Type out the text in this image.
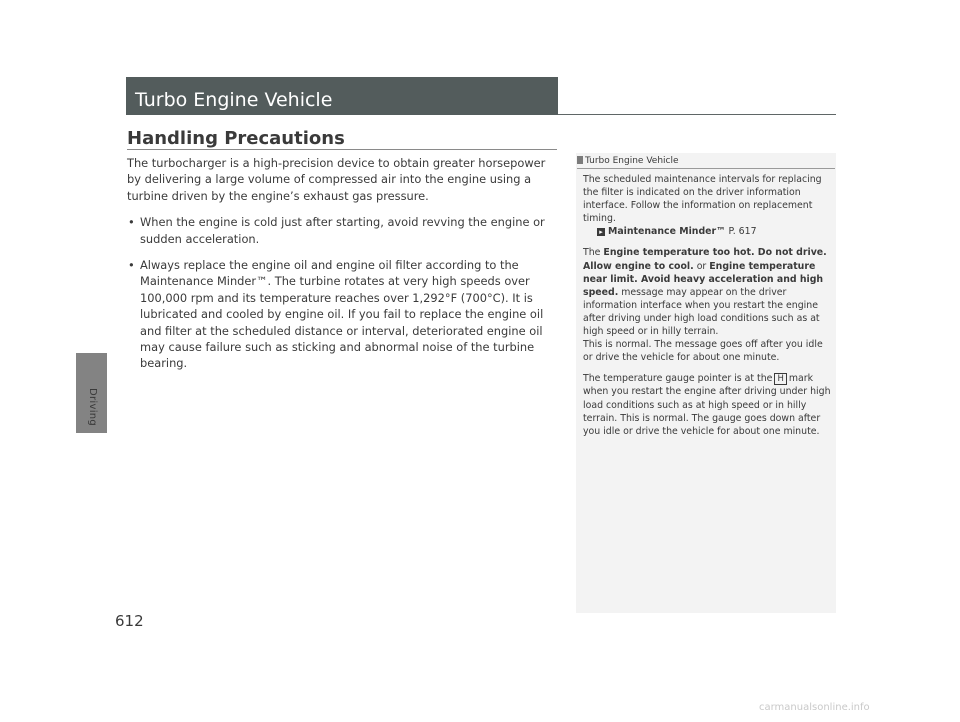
Driving
Turbo Engine Vehicle
Handling Precautions

The turbocharger is a high-precision device to obtain greater horsepower by delivering a large volume of compressed air into the engine using a turbine driven by the engine’s exhaust gas pressure.

• When the engine is cold just after starting, avoid revving the engine or sudden acceleration.
• Always replace the engine oil and engine oil filter according to the Maintenance Minder™. The turbine rotates at very high speeds over 100,000 rpm and its temperature reaches over 1,292°F (700°C). It is lubricated and cooled by engine oil. If you fail to replace the engine oil and filter at the scheduled distance or interval, deteriorated engine oil may cause failure such as sticking and abnormal noise of the turbine bearing.
Turbo Engine Vehicle

The scheduled maintenance intervals for replacing the filter is indicated on the driver information interface. Follow the information on replacement timing.
▸ Maintenance Minder™ P. 617

The Engine temperature too hot. Do not drive. Allow engine to cool. or Engine temperature near limit. Avoid heavy acceleration and high speed. message may appear on the driver information interface when you restart the engine after driving under high load conditions such as at high speed or in hilly terrain.
This is normal. The message goes off after you idle or drive the vehicle for about one minute.

The temperature gauge pointer is at the H mark when you restart the engine after driving under high load conditions such as at high speed or in hilly terrain. This is normal. The gauge goes down after you idle or drive the vehicle for about one minute.

612
carmanualsonline.info
